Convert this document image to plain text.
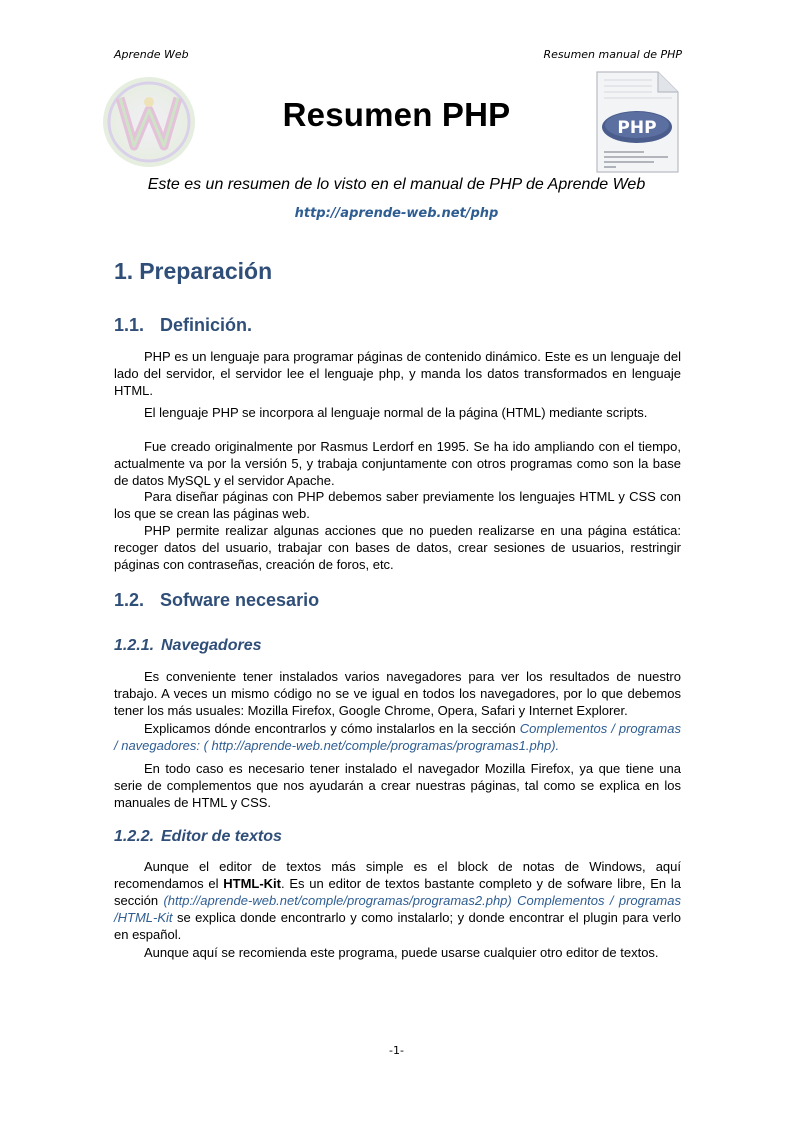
Aprende Web	Resumen manual de PHP
PHP
Resumen PHP
Este es un resumen de lo visto en el manual de PHP de Aprende Web
http://aprende-web.net/php
1. Preparación
1.1. Definición.

PHP es un lenguaje para programar páginas de contenido dinámico. Este es un lenguaje del lado del servidor, el servidor lee el lenguaje php, y manda los datos transformados en lenguaje HTML.

El lenguaje PHP se incorpora al lenguaje normal de la página (HTML) mediante scripts.

Fue creado originalmente por Rasmus Lerdorf en 1995. Se ha ido ampliando con el tiempo, actualmente va por la versión 5, y trabaja conjuntamente con otros programas como son la base de datos MySQL y el servidor Apache.

Para diseñar páginas con PHP debemos saber previamente los lenguajes HTML y CSS con los que se crean las páginas web.

PHP permite realizar algunas acciones que no pueden realizarse en una página estática: recoger datos del usuario, trabajar con bases de datos, crear sesiones de usuarios, restringir páginas con contraseñas, creación de foros, etc.

1.2. Sofware necesario
1.2.1. Navegadores

Es conveniente tener instalados varios navegadores para ver los resultados de nuestro trabajo. A veces un mismo código no se ve igual en todos los navegadores, por lo que debemos tener los más usuales: Mozilla Firefox, Google Chrome, Opera, Safari y Internet Explorer.

Explicamos dónde encontrarlos y cómo instalarlos en la sección Complementos / programas / navegadores: ( http://aprende-web.net/comple/programas/programas1.php).

En todo caso es necesario tener instalado el navegador Mozilla Firefox, ya que tiene una serie de complementos que nos ayudarán a crear nuestras páginas, tal como se explica en los manuales de HTML y CSS.

1.2.2. Editor de textos

Aunque el editor de textos más simple es el block de notas de Windows, aquí recomendamos el HTML-Kit. Es un editor de textos bastante completo y de sofware libre, En la sección (http://aprende-web.net/comple/programas/programas2.php) Complementos / programas /HTML-Kit se explica donde encontrarlo y como instalarlo; y donde encontrar el plugin para verlo en español.

Aunque aquí se recomienda este programa, puede usarse cualquier otro editor de textos.

-1-
